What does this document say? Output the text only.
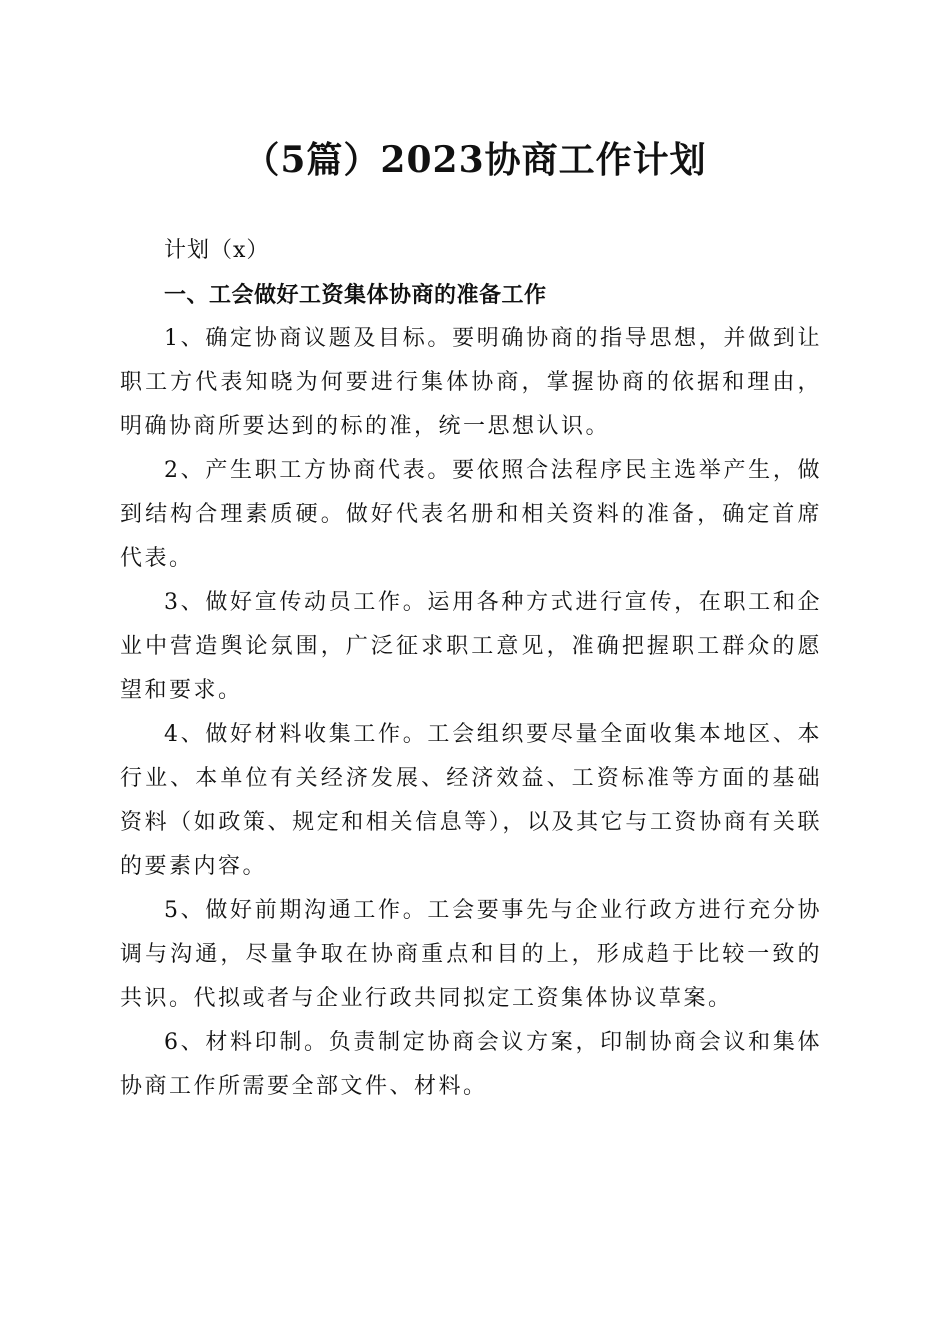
（5篇）2023协商工作计划

计划（x）

一、工会做好工资集体协商的准备工作

1、确定协商议题及目标。要明确协商的指导思想，并做到让职工方代表知晓为何要进行集体协商，掌握协商的依据和理由，明确协商所要达到的标的准，统一思想认识。

2、产生职工方协商代表。要依照合法程序民主选举产生，做到结构合理素质硬。做好代表名册和相关资料的准备，确定首席代表。

3、做好宣传动员工作。运用各种方式进行宣传，在职工和企业中营造舆论氛围，广泛征求职工意见，准确把握职工群众的愿望和要求。

4、做好材料收集工作。工会组织要尽量全面收集本地区、本行业、本单位有关经济发展、经济效益、工资标准等方面的基础资料（如政策、规定和相关信息等），以及其它与工资协商有关联的要素内容。

5、做好前期沟通工作。工会要事先与企业行政方进行充分协调与沟通，尽量争取在协商重点和目的上，形成趋于比较一致的共识。代拟或者与企业行政共同拟定工资集体协议草案。

6、材料印制。负责制定协商会议方案，印制协商会议和集体协商工作所需要全部文件、材料。
